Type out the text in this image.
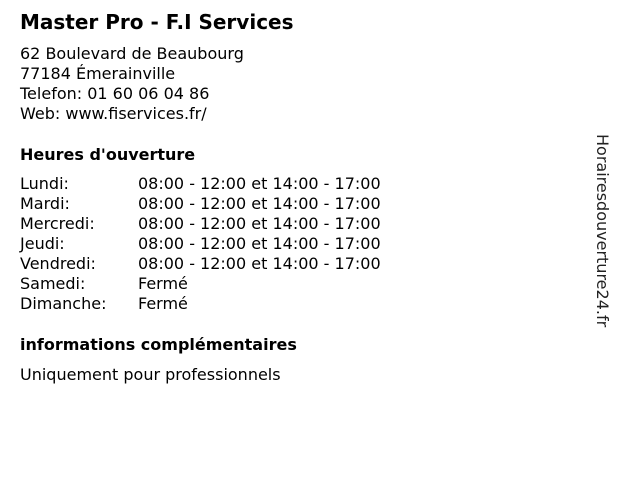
Master Pro - F.I Services
62 Boulevard de Beaubourg
77184 Émerainville
Telefon: 01 60 06 04 86
Web: www.fiservices.fr/
Heures d'ouverture
Lundi:	08:00 - 12:00 et 14:00 - 17:00
Mardi:	08:00 - 12:00 et 14:00 - 17:00
Mercredi:	08:00 - 12:00 et 14:00 - 17:00
Jeudi:	08:00 - 12:00 et 14:00 - 17:00
Vendredi:	08:00 - 12:00 et 14:00 - 17:00
Samedi:	Fermé
Dimanche:	Fermé
informations complémentaires
Uniquement pour professionnels
Horairesdouverture24.fr
